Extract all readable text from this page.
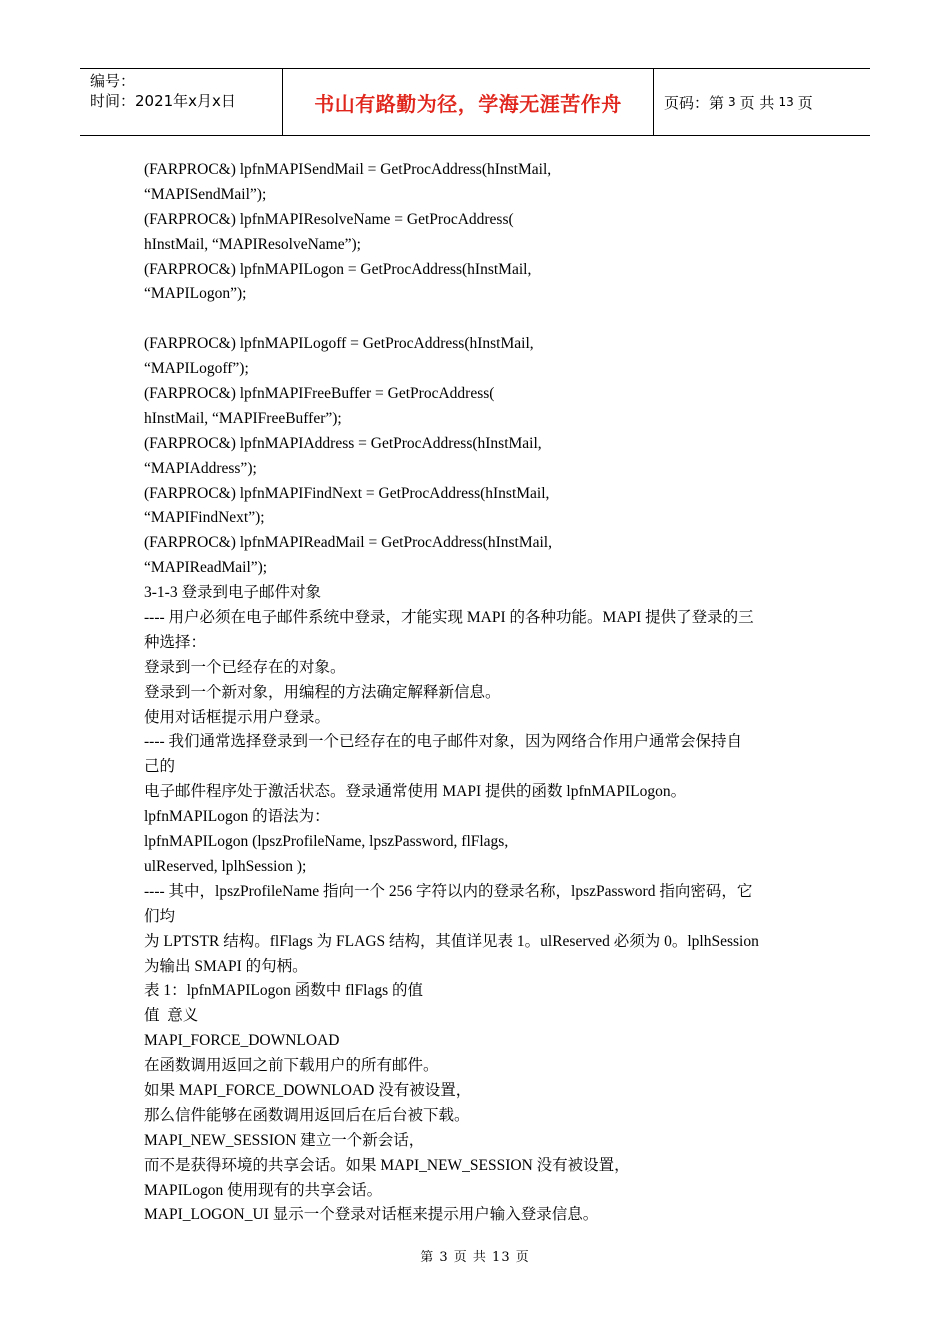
编号：
时间：2021年x月x日	书山有路勤为径，学海无涯苦作舟	页码：第 3 页 共 13 页
(FARPROC&) lpfnMAPISendMail = GetProcAddress(hInstMail,
“MAPISendMail”);
(FARPROC&) lpfnMAPIResolveName = GetProcAddress(
hInstMail, “MAPIResolveName”);
(FARPROC&) lpfnMAPILogon = GetProcAddress(hInstMail,
“MAPILogon”);
(FARPROC&) lpfnMAPILogoff = GetProcAddress(hInstMail,
“MAPILogoff”);
(FARPROC&) lpfnMAPIFreeBuffer = GetProcAddress(
hInstMail, “MAPIFreeBuffer”);
(FARPROC&) lpfnMAPIAddress = GetProcAddress(hInstMail,
“MAPIAddress”);
(FARPROC&) lpfnMAPIFindNext = GetProcAddress(hInstMail,
“MAPIFindNext”);
(FARPROC&) lpfnMAPIReadMail = GetProcAddress(hInstMail,
“MAPIReadMail”);
3-1-3 登录到电子邮件对象
---- 用户必须在电子邮件系统中登录，才能实现 MAPI 的各种功能。MAPI 提供了登录的三
种选择：
登录到一个已经存在的对象。
登录到一个新对象，用编程的方法确定解释新信息。
使用对话框提示用户登录。
---- 我们通常选择登录到一个已经存在的电子邮件对象，因为网络合作用户通常会保持自
己的
电子邮件程序处于激活状态。登录通常使用 MAPI 提供的函数 lpfnMAPILogon。
lpfnMAPILogon 的语法为：
lpfnMAPILogon (lpszProfileName, lpszPassword, flFlags,
ulReserved, lplhSession );
---- 其中，lpszProfileName 指向一个 256 字符以内的登录名称，lpszPassword 指向密码，它
们均
为 LPTSTR 结构。flFlags 为 FLAGS 结构，其值详见表 1。ulReserved 必须为 0。lplhSession
为输出 SMAPI 的句柄。
表 1：lpfnMAPILogon 函数中 flFlags 的值
值  意义
MAPI_FORCE_DOWNLOAD
在函数调用返回之前下载用户的所有邮件。
如果 MAPI_FORCE_DOWNLOAD 没有被设置，
那么信件能够在函数调用返回后在后台被下载。
MAPI_NEW_SESSION 建立一个新会话，
而不是获得环境的共享会话。如果 MAPI_NEW_SESSION 没有被设置，
MAPILogon 使用现有的共享会话。
MAPI_LOGON_UI 显示一个登录对话框来提示用户输入登录信息。
第 3 页 共 13 页
